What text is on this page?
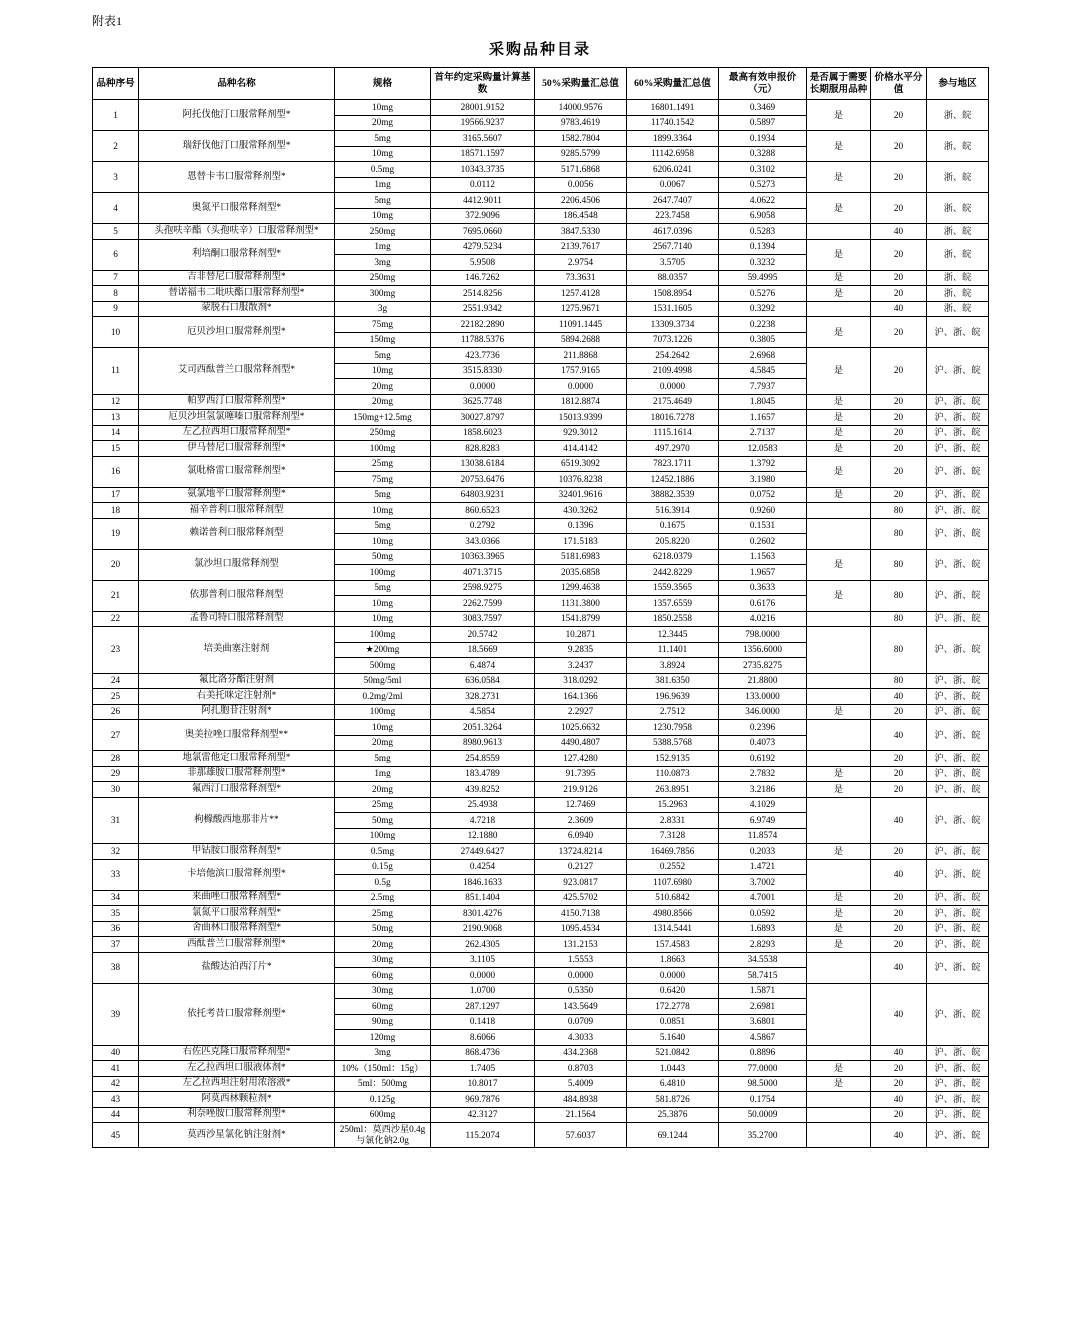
附表1
采购品种目录
品种序号	品种名称	规格	首年约定采购量计算基数	50%采购量汇总值	60%采购量汇总值	最高有效申报价（元）	是否属于需要长期服用品种	价格水平分值	参与地区
1	阿托伐他汀口服常释剂型*	10mg	28001.9152	14000.9576	16801.1491	0.3469	是	20	浙、皖
		20mg	19566.9237	9783.4619	11740.1542	0.5897			
2	瑞舒伐他汀口服常释剂型*	5mg	3165.5607	1582.7804	1899.3364	0.1934	是	20	浙、皖
		10mg	18571.1597	9285.5799	11142.6958	0.3288			
3	恩替卡韦口服常释剂型*	0.5mg	10343.3735	5171.6868	6206.0241	0.3102	是	20	浙、皖
		1mg	0.0112	0.0056	0.0067	0.5273			
4	奥氮平口服常释剂型*	5mg	4412.9011	2206.4506	2647.7407	4.0622	是	20	浙、皖
		10mg	372.9096	186.4548	223.7458	6.9058			
5	头孢呋辛酯（头孢呋辛）口服常释剂型*	250mg	7695.0660	3847.5330	4617.0396	0.5283		40	浙、皖
6	利培酮口服常释剂型*	1mg	4279.5234	2139.7617	2567.7140	0.1394	是	20	浙、皖
		3mg	5.9508	2.9754	3.5705	0.3232			
7	吉非替尼口服常释剂型*	250mg	146.7262	73.3631	88.0357	59.4995	是	20	浙、皖
8	替诺福韦二吡呋酯口服常释剂型*	300mg	2514.8256	1257.4128	1508.8954	0.5276	是	20	浙、皖
9	蒙脱石口服散剂*	3g	2551.9342	1275.9671	1531.1605	0.3292		40	浙、皖
10	厄贝沙坦口服常释剂型*	75mg	22182.2890	11091.1445	13309.3734	0.2238	是	20	沪、浙、皖
		150mg	11788.5376	5894.2688	7073.1226	0.3805			
11	艾司西酞普兰口服常释剂型*	5mg	423.7736	211.8868	254.2642	2.6968	是	20	沪、浙、皖
		10mg	3515.8330	1757.9165	2109.4998	4.5845			
		20mg	0.0000	0.0000	0.0000	7.7937			
12	帕罗西汀口服常释剂型*	20mg	3625.7748	1812.8874	2175.4649	1.8045	是	20	沪、浙、皖
13	厄贝沙坦氢氯噻嗪口服常释剂型*	150mg+12.5mg	30027.8797	15013.9399	18016.7278	1.1657	是	20	沪、浙、皖
14	左乙拉西坦口服常释剂型*	250mg	1858.6023	929.3012	1115.1614	2.7137	是	20	沪、浙、皖
15	伊马替尼口服常释剂型*	100mg	828.8283	414.4142	497.2970	12.0583	是	20	沪、浙、皖
16	氯吡格雷口服常释剂型*	25mg	13038.6184	6519.3092	7823.1711	1.3792	是	20	沪、浙、皖
		75mg	20753.6476	10376.8238	12452.1886	3.1980			
17	氨氯地平口服常释剂型*	5mg	64803.9231	32401.9616	38882.3539	0.0752	是	20	沪、浙、皖
18	福辛普利口服常释剂型	10mg	860.6523	430.3262	516.3914	0.9260		80	沪、浙、皖
19	赖诺普利口服常释剂型	5mg	0.2792	0.1396	0.1675	0.1531		80	沪、浙、皖
		10mg	343.0366	171.5183	205.8220	0.2602			
20	氯沙坦口服常释剂型	50mg	10363.3965	5181.6983	6218.0379	1.1563	是	80	沪、浙、皖
		100mg	4071.3715	2035.6858	2442.8229	1.9657			
21	依那普利口服常释剂型	5mg	2598.9275	1299.4638	1559.3565	0.3633	是	80	沪、浙、皖
		10mg	2262.7599	1131.3800	1357.6559	0.6176			
22	孟鲁司特口服常释剂型	10mg	3083.7597	1541.8799	1850.2558	4.0216		80	沪、浙、皖
23	培美曲塞注射剂	100mg	20.5742	10.2871	12.3445	798.0000		80	沪、浙、皖
		★200mg	18.5669	9.2835	11.1401	1356.6000			
		500mg	6.4874	3.2437	3.8924	2735.8275			
24	氟比洛芬酯注射剂	50mg/5ml	636.0584	318.0292	381.6350	21.8800		80	沪、浙、皖
25	右美托咪定注射剂*	0.2mg/2ml	328.2731	164.1366	196.9639	133.0000		40	沪、浙、皖
26	阿扎胞苷注射剂*	100mg	4.5854	2.2927	2.7512	346.0000	是	20	沪、浙、皖
27	奥美拉唑口服常释剂型**	10mg	2051.3264	1025.6632	1230.7958	0.2396		40	沪、浙、皖
		20mg	8980.9613	4490.4807	5388.5768	0.4073			
28	地氯雷他定口服常释剂型*	5mg	254.8559	127.4280	152.9135	0.6192		20	沪、浙、皖
29	非那雄胺口服常释剂型*	1mg	183.4789	91.7395	110.0873	2.7832	是	20	沪、浙、皖
30	氟西汀口服常释剂型*	20mg	439.8252	219.9126	263.8951	3.2186	是	20	沪、浙、皖
31	枸橼酸西地那非片**	25mg	25.4938	12.7469	15.2963	4.1029		40	沪、浙、皖
		50mg	4.7218	2.3609	2.8331	6.9749			
		100mg	12.1880	6.0940	7.3128	11.8574			
32	甲钴胺口服常释剂型*	0.5mg	27449.6427	13724.8214	16469.7856	0.2033	是	20	沪、浙、皖
33	卡培他滨口服常释剂型*	0.15g	0.4254	0.2127	0.2552	1.4721		40	沪、浙、皖
		0.5g	1846.1633	923.0817	1107.6980	3.7002			
34	来曲唑口服常释剂型*	2.5mg	851.1404	425.5702	510.6842	4.7001	是	20	沪、浙、皖
35	氯氮平口服常释剂型*	25mg	8301.4276	4150.7138	4980.8566	0.0592	是	20	沪、浙、皖
36	舍曲林口服常释剂型*	50mg	2190.9068	1095.4534	1314.5441	1.6893	是	20	沪、浙、皖
37	西酞普兰口服常释剂型*	20mg	262.4305	131.2153	157.4583	2.8293	是	20	沪、浙、皖
38	盐酸达泊西汀片*	30mg	3.1105	1.5553	1.8663	34.5538		40	沪、浙、皖
		60mg	0.0000	0.0000	0.0000	58.7415			
39	依托考昔口服常释剂型*	30mg	1.0700	0.5350	0.6420	1.5871		40	沪、浙、皖
		60mg	287.1297	143.5649	172.2778	2.6981			
		90mg	0.1418	0.0709	0.0851	3.6801			
		120mg	8.6066	4.3033	5.1640	4.5867			
40	右佐匹克隆口服常释剂型*	3mg	868.4736	434.2368	521.0842	0.8896		40	沪、浙、皖
41	左乙拉西坦口服液体剂*	10%（150ml：15g）	1.7405	0.8703	1.0443	77.0000	是	20	沪、浙、皖
42	左乙拉西坦注射用浓溶液*	5ml：500mg	10.8017	5.4009	6.4810	98.5000	是	20	沪、浙、皖
43	阿莫西林颗粒剂*	0.125g	969.7876	484.8938	581.8726	0.1754		40	沪、浙、皖
44	利奈唑胺口服常释剂型*	600mg	42.3127	21.1564	25.3876	50.0009		20	沪、浙、皖
45	莫西沙星氯化钠注射剂*	250ml：莫西沙星0.4g与氯化钠2.0g	115.2074	57.6037	69.1244	35.2700		40	沪、浙、皖
